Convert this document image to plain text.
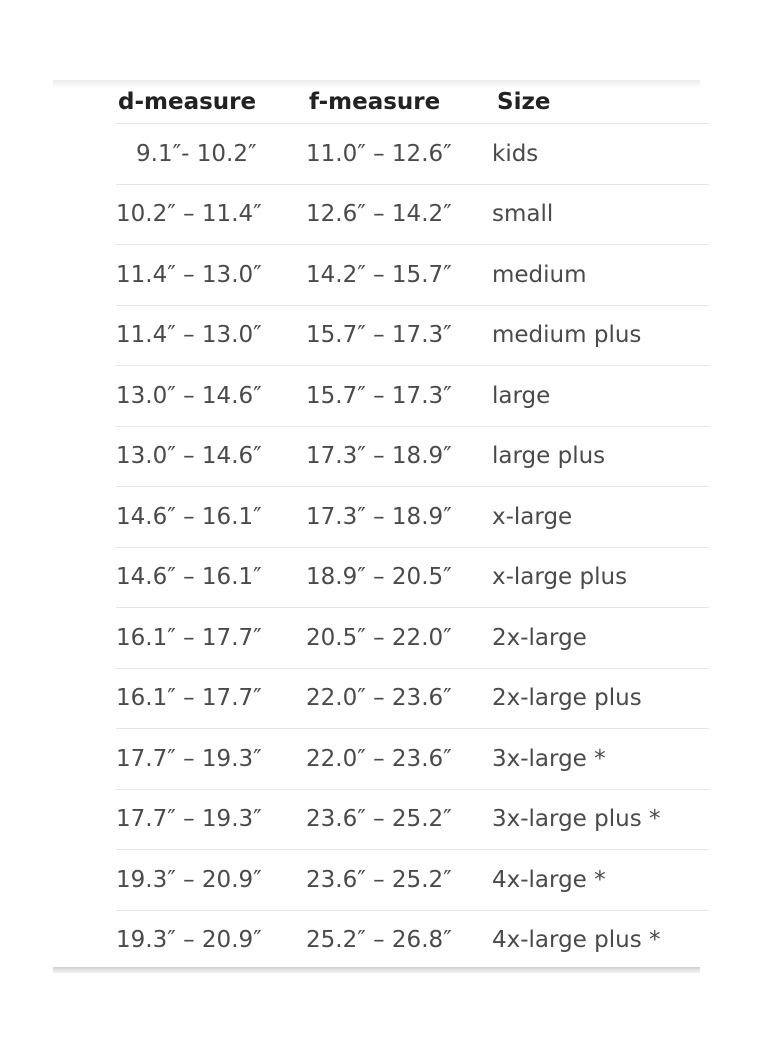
d-measure	f-measure	Size
9.1″- 10.2″	11.0″ – 12.6″	kids
10.2″ – 11.4″	12.6″ – 14.2″	small
11.4″ – 13.0″	14.2″ – 15.7″	medium
11.4″ – 13.0″	15.7″ – 17.3″	medium plus
13.0″ – 14.6″	15.7″ – 17.3″	large
13.0″ – 14.6″	17.3″ – 18.9″	large plus
14.6″ – 16.1″	17.3″ – 18.9″	x-large
14.6″ – 16.1″	18.9″ – 20.5″	x-large plus
16.1″ – 17.7″	20.5″ – 22.0″	2x-large
16.1″ – 17.7″	22.0″ – 23.6″	2x-large plus
17.7″ – 19.3″	22.0″ – 23.6″	3x-large *
17.7″ – 19.3″	23.6″ – 25.2″	3x-large plus *
19.3″ – 20.9″	23.6″ – 25.2″	4x-large *
19.3″ – 20.9″	25.2″ – 26.8″	4x-large plus *
